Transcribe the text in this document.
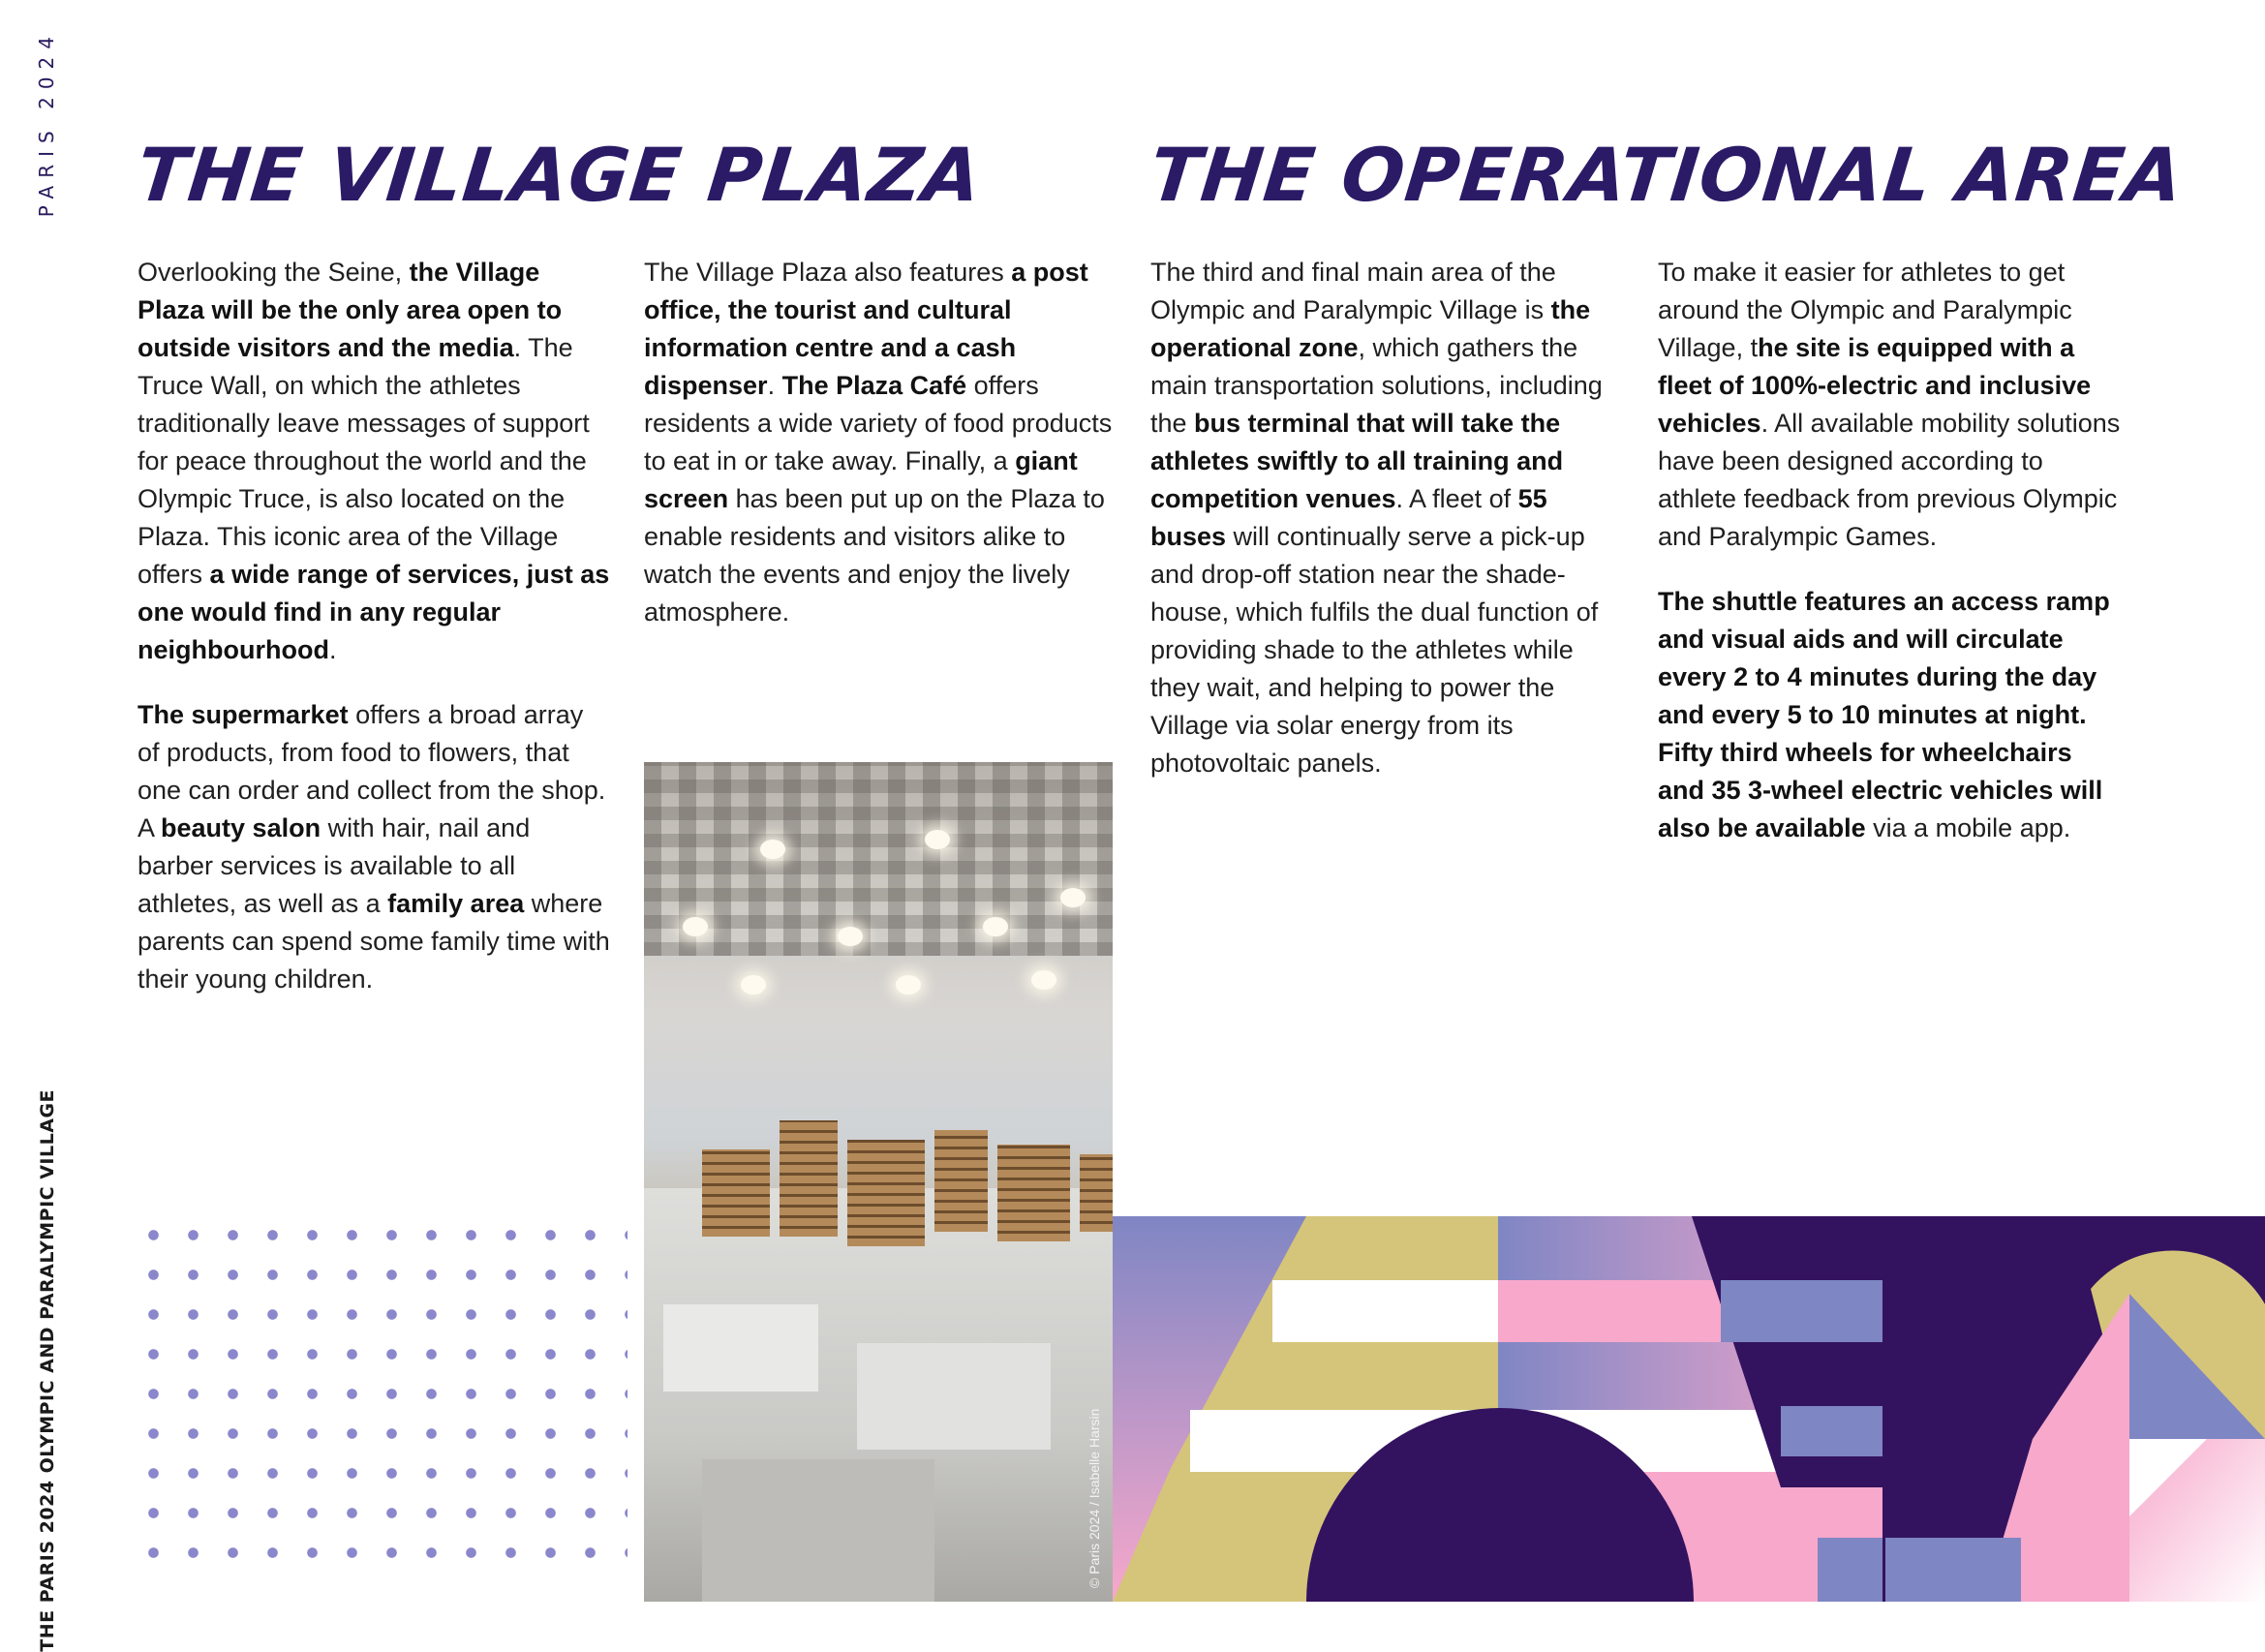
PARIS 2024
THE PARIS 2024 OLYMPIC AND PARALYMPIC VILLAGE
THE VILLAGE PLAZA THE OPERATIONAL AREA

Overlooking the Seine, the Village Plaza will be the only area open to outside visitors and the media. The Truce Wall, on which the athletes traditionally leave messages of support for peace throughout the world and the Olympic Truce, is also located on the Plaza. This iconic area of the Village offers a wide range of services, just as one would find in any regular neighbourhood.

The supermarket offers a broad array of products, from food to flowers, that one can order and collect from the shop. A beauty salon with hair, nail and barber services is available to all athletes, as well as a family area where parents can spend some family time with their young children.

The Village Plaza also features a post office, the tourist and cultural information centre and a cash dispenser. The Plaza Café offers residents a wide variety of food products to eat in or take away. Finally, a giant screen has been put up on the Plaza to enable residents and visitors alike to watch the events and enjoy the lively atmosphere.

The third and final main area of the Olympic and Paralympic Village is the operational zone, which gathers the main transportation solutions, including the bus terminal that will take the athletes swiftly to all training and competition venues. A fleet of 55 buses will continually serve a pick-up and drop-off station near the shade-house, which fulfils the dual function of providing shade to the athletes while they wait, and helping to power the Village via solar energy from its photovoltaic panels.

To make it easier for athletes to get around the Olympic and Paralympic Village, the site is equipped with a fleet of 100%-electric and inclusive vehicles. All available mobility solutions have been designed according to athlete feedback from previous Olympic and Paralympic Games.

The shuttle features an access ramp and visual aids and will circulate every 2 to 4 minutes during the day and every 5 to 10 minutes at night. Fifty third wheels for wheelchairs and 35 3-wheel electric vehicles will also be available via a mobile app.

© Paris 2024 / Isabelle Harsin
